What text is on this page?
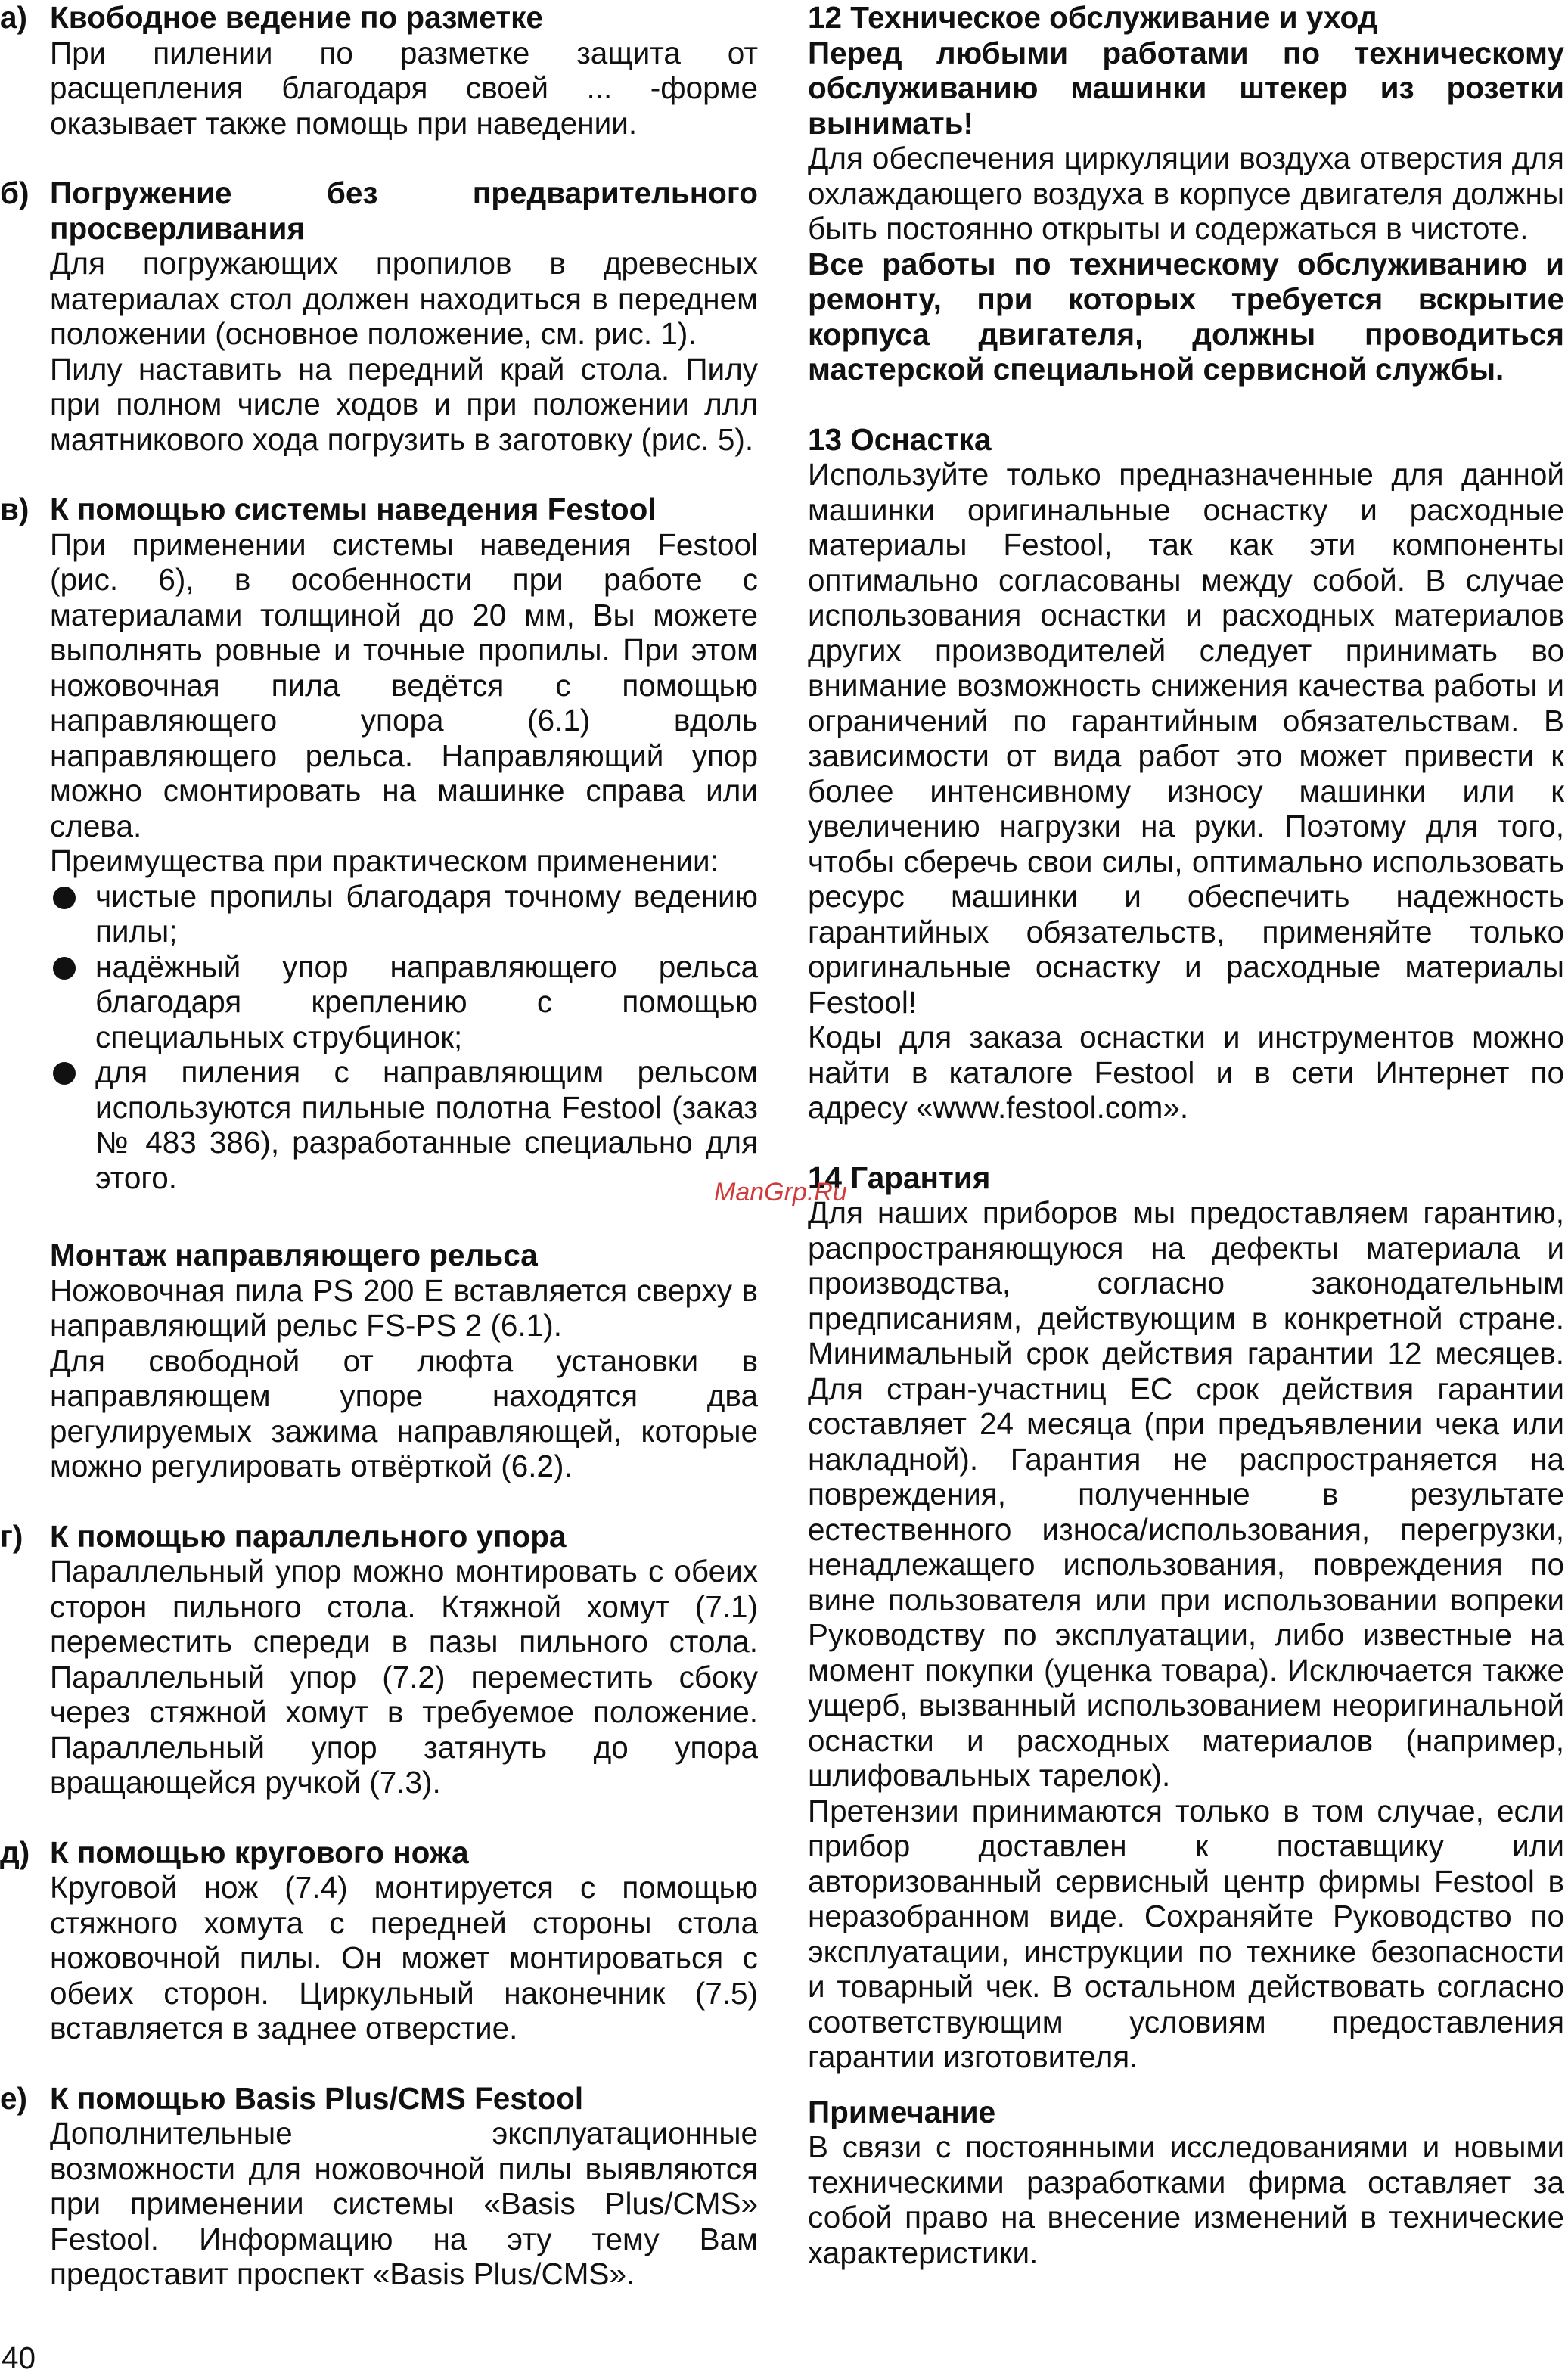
а) Квободное ведение по разметке

При пилении по разметке защита от расщепления благодаря своей ... -форме оказывает также помощь при наведении.

б) Погружение без предварительного просверливания

Для погружающих пропилов в древесных материалах стол должен находиться в переднем положении (основное положение, см. рис. 1).

Пилу наставить на передний край стола. Пилу при полном числе ходов и при положении ллл маятникового хода погрузить в заготовку (рис. 5).

в) К помощью системы наведения Festool

При применении системы наведения Festool (рис. 6), в особенности при работе с материалами толщиной до 20 мм, Вы можете выполнять ровные и точные пропилы. При этом ножовочная пила ведётся с помощью направляющего упора (6.1) вдоль направляющего рельса. Направляющий упор можно смонтировать на машинке справа или слева.

Преимущества при практическом применении:

чистые пропилы благодаря точному ведению пилы;

надёжный упор направляющего рельса благодаря креплению с помощью специальных струбцинок;

для пиления с направляющим рельсом используются пильные полотна Festool (заказ № 483 386), разработанные специально для этого.

Монтаж направляющего рельса

Ножовочная пила PS 200 E вставляется сверху в направляющий рельс FS-PS 2 (6.1).

Для свободной от люфта установки в направляющем упоре находятся два регулируемых зажима направляющей, которые можно регулировать отвёрткой (6.2).

г) К помощью параллельного упора

Параллельный упор можно монтировать с обеих сторон пильного стола. Ктяжной хомут (7.1) переместить спереди в пазы пильного стола. Параллельный упор (7.2) переместить сбоку через стяжной хомут в требуемое положение. Параллельный упор затянуть до упора вращающейся ручкой (7.3).

д) К помощью кругового ножа

Круговой нож (7.4) монтируется с помощью стяжного хомута с передней стороны стола ножовочной пилы. Он может монтироваться с обеих сторон. Циркульный наконечник (7.5) вставляется в заднее отверстие.

е) К помощью Basis Plus/CMS Festool

Дополнительные эксплуатационные возможности для ножовочной пилы выявляются при применении системы «Basis Plus/CMS» Festool. Информацию на эту тему Вам предоставит проспект «Basis Plus/CMS».

12 Техническое обслуживание и уход

Перед любыми работами по техническому обслуживанию машинки штекер из розетки вынимать!

Для обеспечения циркуляции воздуха отверстия для охлаждающего воздуха в корпусе двигателя должны быть постоянно открыты и содержаться в чистоте.

Все работы по техническому обслуживанию и ремонту, при которых требуется вскрытие корпуса двигателя, должны проводиться мастерской специальной сервисной службы.

13 Оснастка

Используйте только предназначенные для данной машинки оригинальные оснастку и расходные материалы Festool, так как эти компоненты оптимально согласованы между собой. В случае использования оснастки и расходных материалов других производителей следует принимать во внимание возможность снижения качества работы и ограничений по гарантийным обязательствам. В зависимости от вида работ это может привести к более интенсивному износу машинки или к увеличению нагрузки на руки. Поэтому для того, чтобы сберечь свои силы, оптимально использовать ресурс машинки и обеспечить надежность гарантийных обязательств, применяйте только оригинальные оснастку и расходные материалы Festool!

Коды для заказа оснастки и инструментов можно найти в каталоге Festool и в сети Интернет по адресу «www.festool.com».

14 Гарантия

Для наших приборов мы предоставляем гарантию, распространяющуюся на дефекты материала и производства, согласно законодательным предписаниям, действующим в конкретной стране. Минимальный срок действия гарантии 12 месяцев. Для стран-участниц ЕС срок действия гарантии составляет 24 месяца (при предъявлении чека или накладной). Гарантия не распространяется на повреждения, полученные в результате естественного износа/использования, перегрузки, ненадлежащего использования, повреждения по вине пользователя или при использовании вопреки Руководству по эксплуатации, либо известные на момент покупки (уценка товара). Исключается также ущерб, вызванный использованием неоригинальной оснастки и расходных материалов (например, шлифовальных тарелок).

Претензии принимаются только в том случае, если прибор доставлен к поставщику или авторизованный сервисный центр фирмы Festool в неразобранном виде. Сохраняйте Руководство по эксплуатации, инструкции по технике безопасности и товарный чек. В остальном действовать согласно соответствующим условиям предоставления гарантии изготовителя.

Примечание

В связи с постоянными исследованиями и новыми техническими разработками фирма оставляет за собой право на внесение изменений в технические характеристики.

ManGrp.Ru
40
